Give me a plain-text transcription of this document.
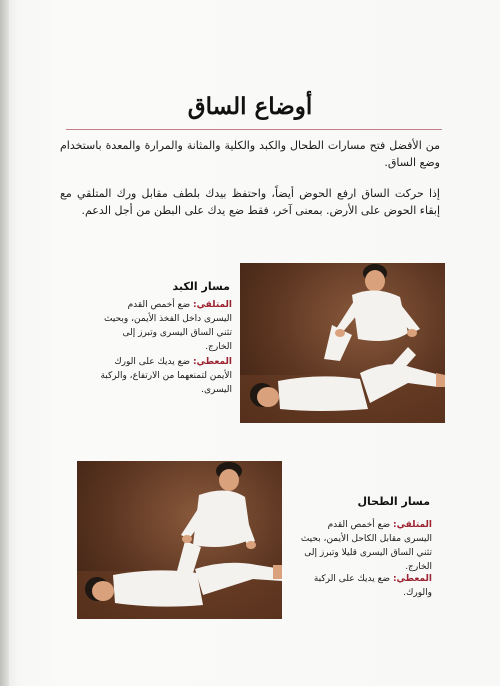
أوضاع الساق

من الأفضل فتح مسارات الطحال والكبد والكلية والمثانة والمرارة والمعدة باستخدام وضع الساق.

إذا حركت الساق ارفع الحوض أيضاً، واحتفظ بيدك بلطف مقابل ورك المتلقي مع إبقاء الحوض على الأرض. بمعنى آخر، فقط ضع يدك على البطن من أجل الدعم.

مسار الكبد

المتلقي: ضع أخمص القدم اليسرى داخل الفخذ الأيمن، وبحيث تثني الساق اليسرى وتبرز إلى الخارج.

المعطي: ضع يديك على الورك الأيمن لتمنعهما من الارتفاع، والركبة اليسرى.

مسار الطحال

المتلقي: ضع أخمص القدم اليسرى مقابل الكاحل الأيمن، بحيث تثني الساق اليسرى قليلا وتبرز إلى الخارج.

المعطي: ضع يديك على الركبة والورك.
